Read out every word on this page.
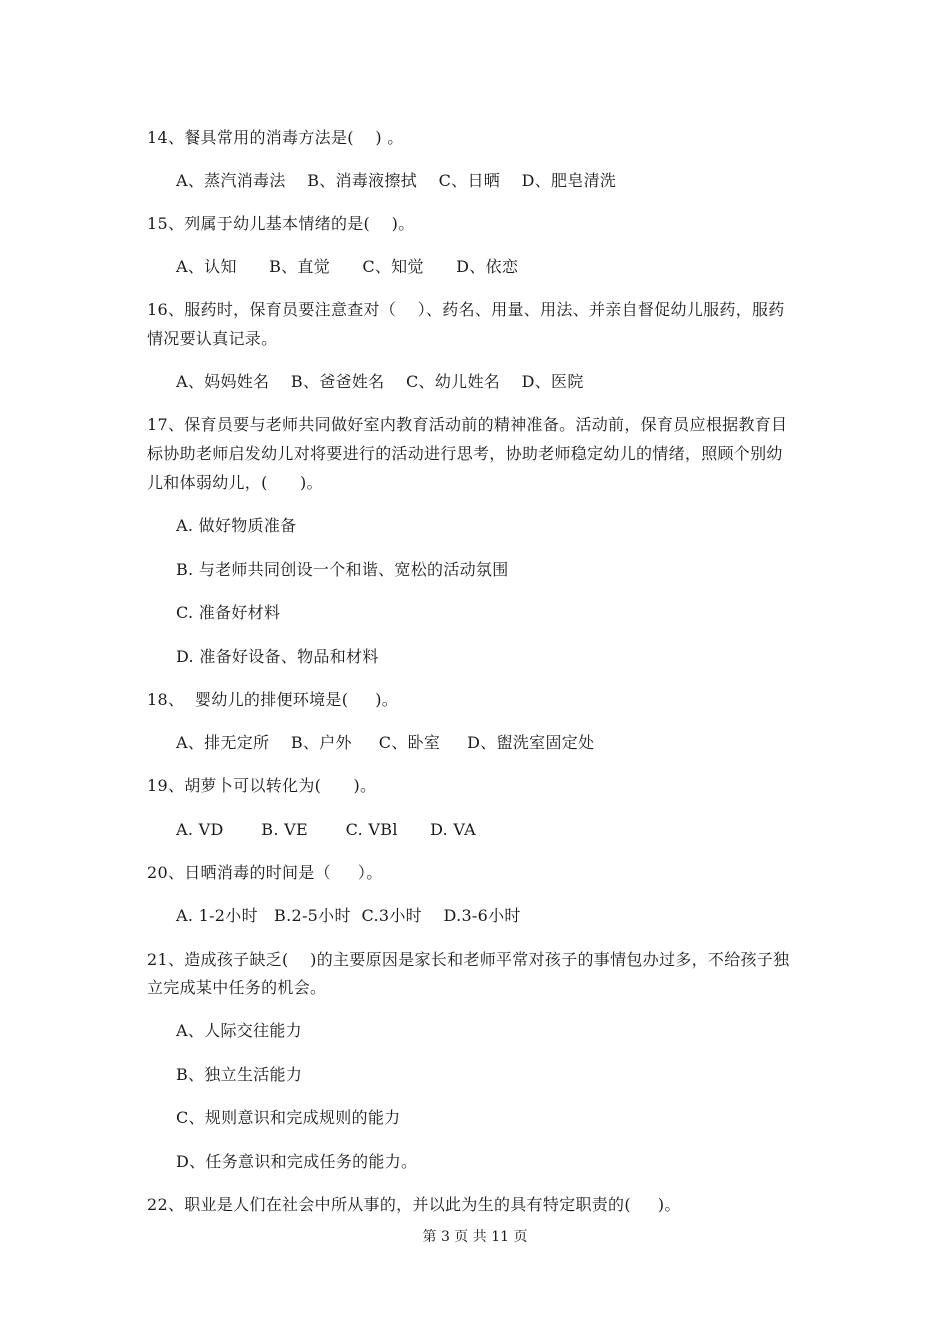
14、餐具常用的消毒方法是(    ) 。
A、蒸汽消毒法    B、消毒液擦拭    C、日晒    D、肥皂清洗
15、列属于幼儿基本情绪的是(    )。
A、认知      B、直觉      C、知觉      D、依恋
16、服药时，保育员要注意查对（    ）、药名、用量、用法、并亲自督促幼儿服药，服药
情况要认真记录。
A、妈妈姓名    B、爸爸姓名    C、幼儿姓名    D、医院
17、保育员要与老师共同做好室内教育活动前的精神准备。活动前，保育员应根据教育目
标协助老师启发幼儿对将要进行的活动进行思考，协助老师稳定幼儿的情绪，照顾个别幼
儿和体弱幼儿，(      )。
A. 做好物质准备
B. 与老师共同创设一个和谐、宽松的活动氛围
C. 准备好材料
D. 准备好设备、物品和材料
18、  婴幼儿的排便环境是(     )。
A、排无定所    B、户外     C、卧室     D、盥洗室固定处
19、胡萝卜可以转化为(      )。
A. VD       B. VE       C. VBl      D. VA
20、日晒消毒的时间是（     ）。
A. 1-2小时   B.2-5小时  C.3小时    D.3-6小时
21、造成孩子缺乏(    )的主要原因是家长和老师平常对孩子的事情包办过多，不给孩子独
立完成某中任务的机会。
A、人际交往能力
B、独立生活能力
C、规则意识和完成规则的能力
D、任务意识和完成任务的能力。
22、职业是人们在社会中所从事的，并以此为生的具有特定职责的(     )。
第 3 页 共 11 页
